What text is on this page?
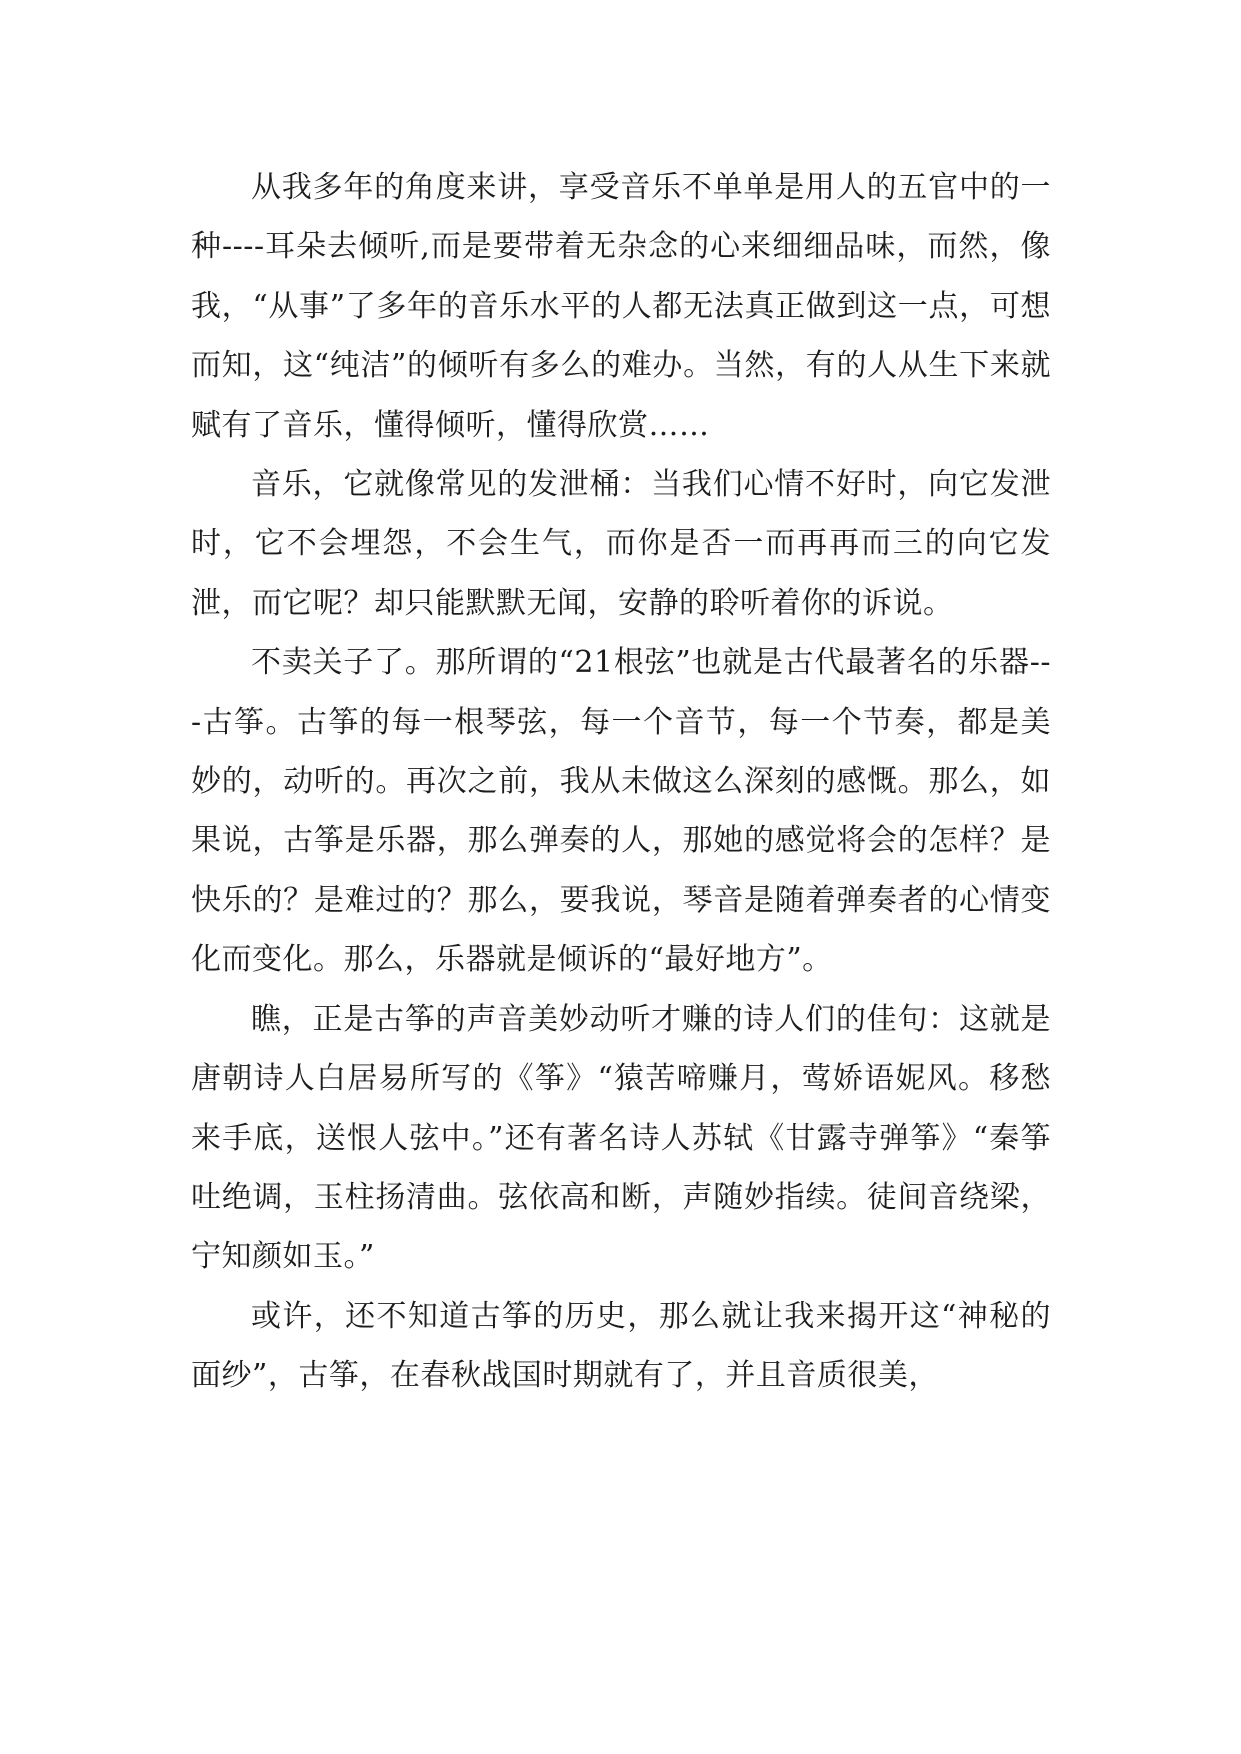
从我多年的角度来讲，享受音乐不单单是用人的五官中的一种----耳朵去倾听,而是要带着无杂念的心来细细品味，而然，像我，“从事”了多年的音乐水平的人都无法真正做到这一点，可想而知，这“纯洁”的倾听有多么的难办。当然，有的人从生下来就赋有了音乐，懂得倾听，懂得欣赏……

音乐，它就像常见的发泄桶：当我们心情不好时，向它发泄时，它不会埋怨，不会生气，而你是否一而再再而三的向它发泄，而它呢？却只能默默无闻，安静的聆听着你的诉说。

不卖关子了。那所谓的“21根弦”也就是古代最著名的乐器---古筝。古筝的每一根琴弦，每一个音节，每一个节奏，都是美妙的，动听的。再次之前，我从未做这么深刻的感慨。那么，如果说，古筝是乐器，那么弹奏的人，那她的感觉将会的怎样？是快乐的？是难过的？那么，要我说，琴音是随着弹奏者的心情变化而变化。那么，乐器就是倾诉的“最好地方”。

瞧，正是古筝的声音美妙动听才赚的诗人们的佳句：这就是唐朝诗人白居易所写的《筝》“猿苦啼赚月，莺娇语妮风。移愁来手底，送恨人弦中。”还有著名诗人苏轼《甘露寺弹筝》“秦筝吐绝调，玉柱扬清曲。弦依高和断，声随妙指续。徒间音绕梁，宁知颜如玉。”

或许，还不知道古筝的历史，那么就让我来揭开这“神秘的面纱”，古筝，在春秋战国时期就有了，并且音质很美，
